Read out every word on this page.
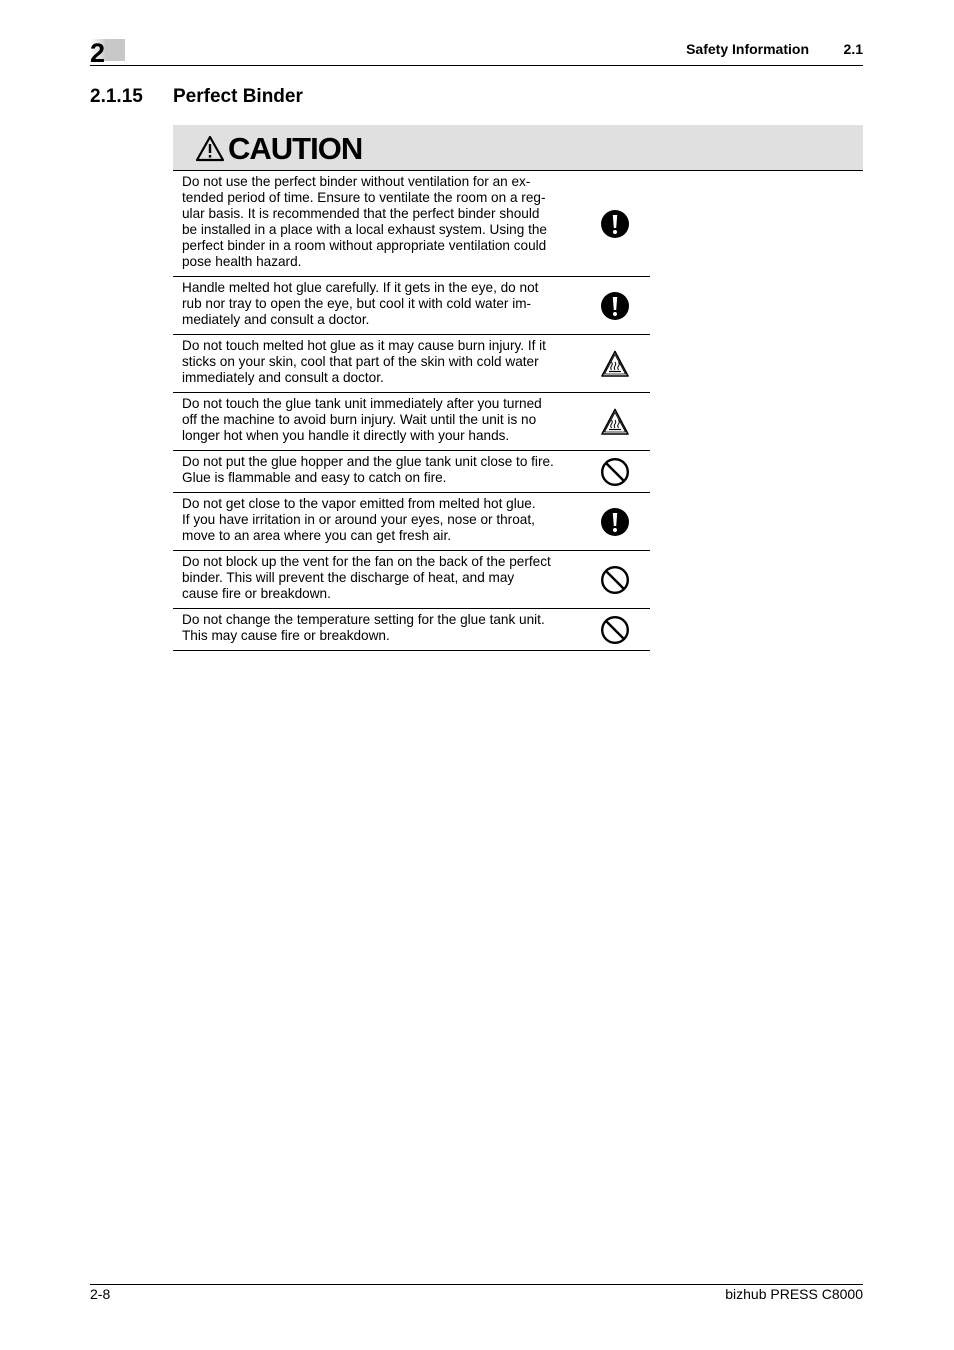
2	Safety Information	2.1
2.1.15 Perfect Binder
CAUTION
Do not use the perfect binder without ventilation for an ex-
tended period of time. Ensure to ventilate the room on a reg-
ular basis. It is recommended that the perfect binder should
be installed in a place with a local exhaust system. Using the
perfect binder in a room without appropriate ventilation could
pose health hazard.
Handle melted hot glue carefully. If it gets in the eye, do not
rub nor tray to open the eye, but cool it with cold water im-
mediately and consult a doctor.
Do not touch melted hot glue as it may cause burn injury. If it
sticks on your skin, cool that part of the skin with cold water
immediately and consult a doctor.
Do not touch the glue tank unit immediately after you turned
off the machine to avoid burn injury. Wait until the unit is no
longer hot when you handle it directly with your hands.
Do not put the glue hopper and the glue tank unit close to fire.
Glue is flammable and easy to catch on fire.
Do not get close to the vapor emitted from melted hot glue.
If you have irritation in or around your eyes, nose or throat,
move to an area where you can get fresh air.
Do not block up the vent for the fan on the back of the perfect
binder. This will prevent the discharge of heat, and may
cause fire or breakdown.
Do not change the temperature setting for the glue tank unit.
This may cause fire or breakdown.
2-8	bizhub PRESS C8000
